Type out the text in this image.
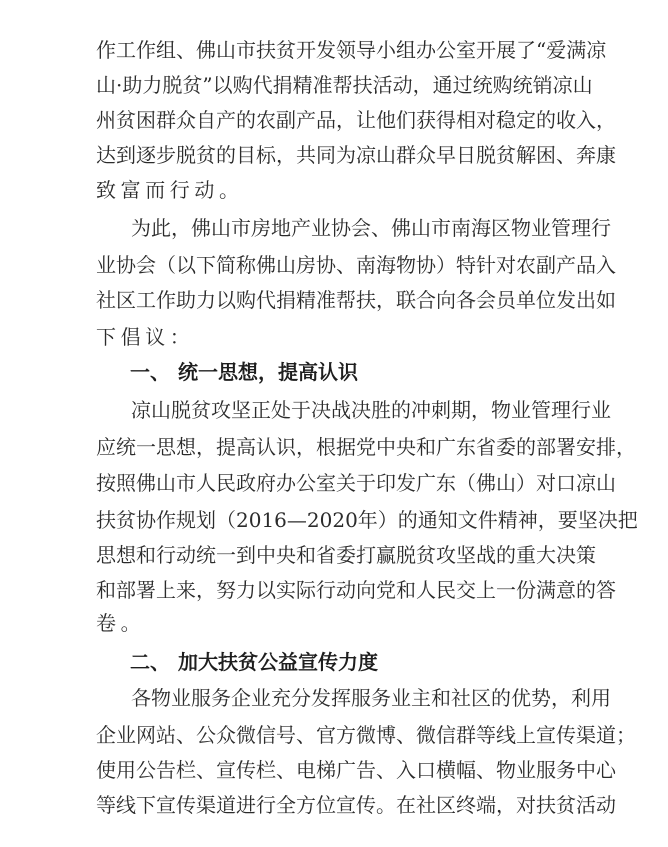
作工作组、佛山市扶贫开发领导小组办公室开展了“爱满凉
山·助力脱贫”以购代捐精准帮扶活动，通过统购统销凉山
州贫困群众自产的农副产品，让他们获得相对稳定的收入，
达到逐步脱贫的目标，共同为凉山群众早日脱贫解困、奔康
致富而行动。
为此，佛山市房地产业协会、佛山市南海区物业管理行
业协会（以下简称佛山房协、南海物协）特针对农副产品入
社区工作助力以购代捐精准帮扶，联合向各会员单位发出如
下倡议：
一、 统一思想，提高认识
凉山脱贫攻坚正处于决战决胜的冲刺期，物业管理行业
应统一思想，提高认识，根据党中央和广东省委的部署安排，
按照佛山市人民政府办公室关于印发广东（佛山）对口凉山
扶贫协作规划（2016—2020年）的通知文件精神，要坚决把
思想和行动统一到中央和省委打赢脱贫攻坚战的重大决策
和部署上来，努力以实际行动向党和人民交上一份满意的答
卷。
二、 加大扶贫公益宣传力度
各物业服务企业充分发挥服务业主和社区的优势，利用
企业网站、公众微信号、官方微博、微信群等线上宣传渠道；
使用公告栏、宣传栏、电梯广告、入口横幅、物业服务中心
等线下宣传渠道进行全方位宣传。在社区终端，对扶贫活动
